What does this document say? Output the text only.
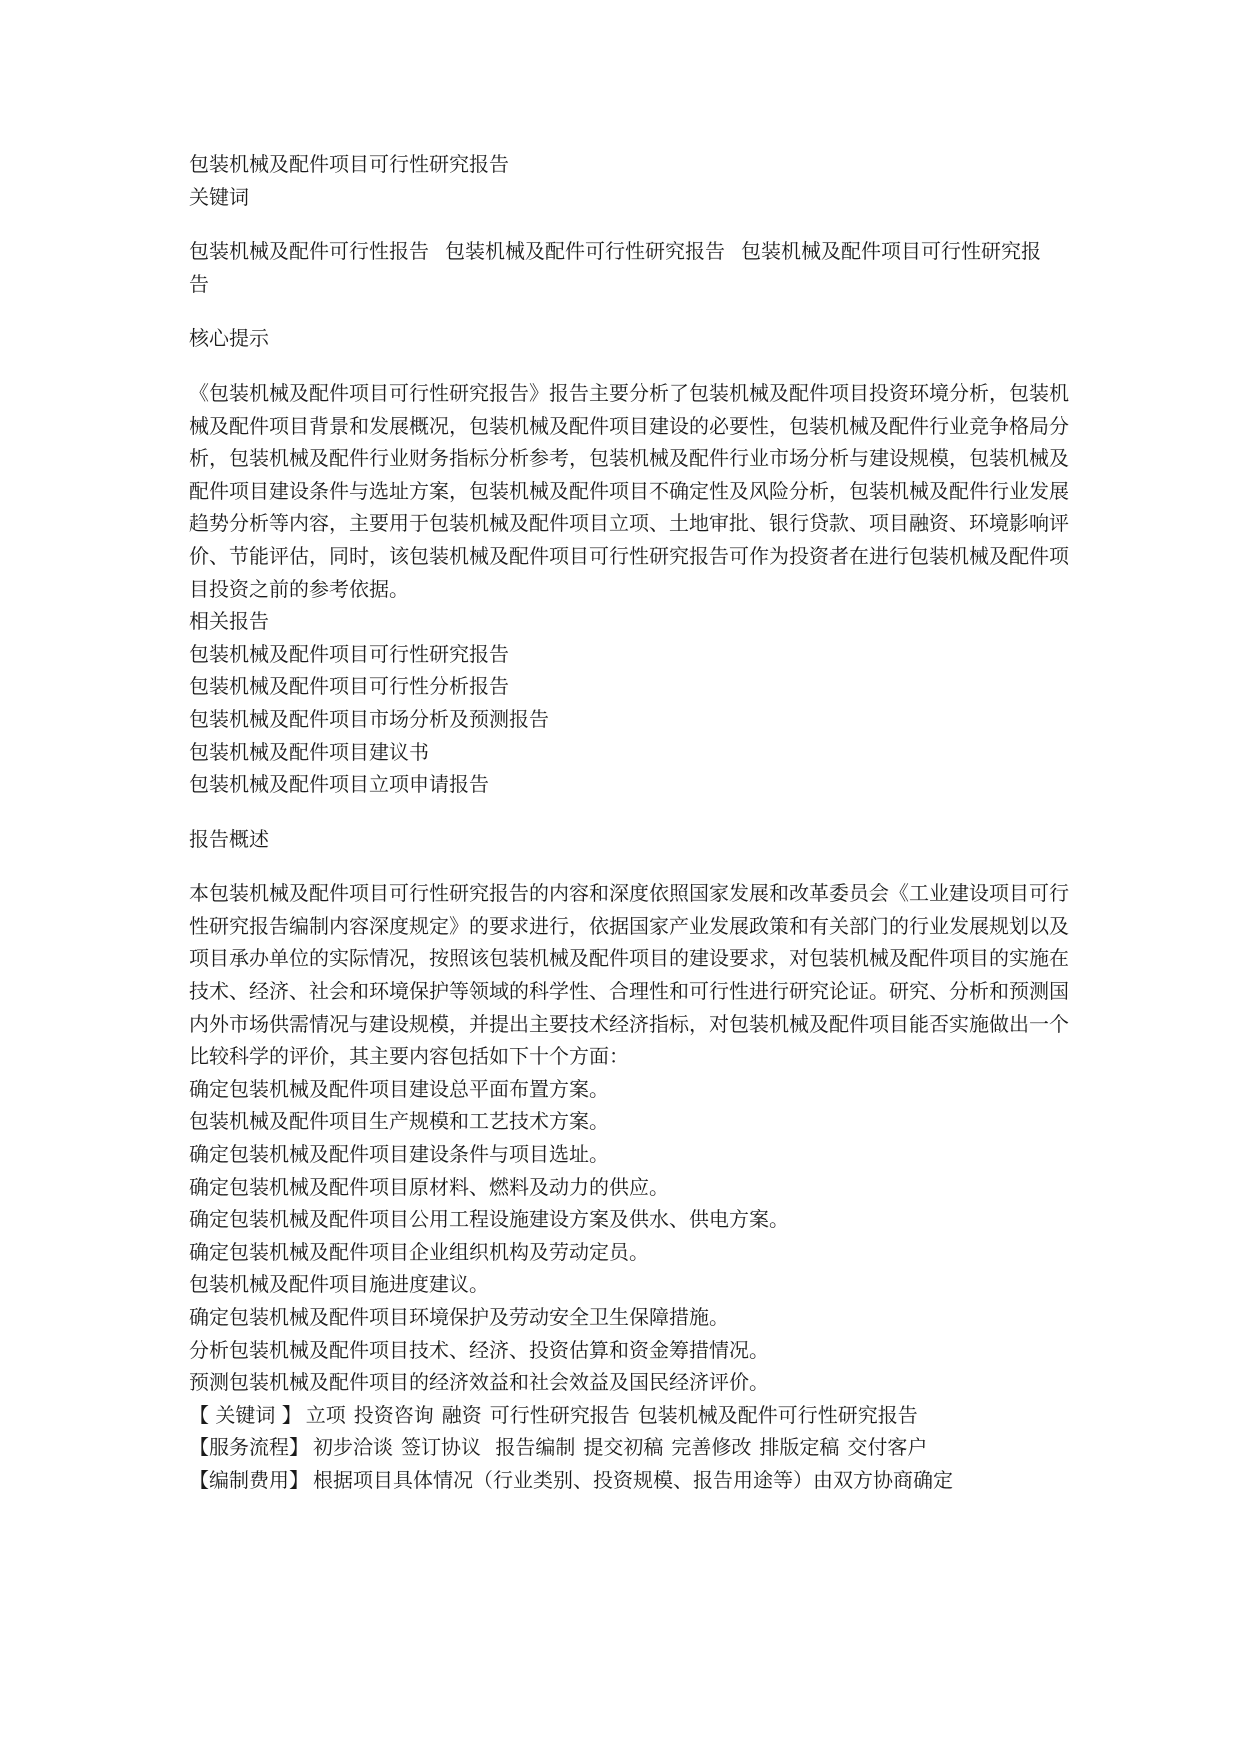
包装机械及配件项目可行性研究报告
关键词
包装机械及配件可行性报告 包装机械及配件可行性研究报告 包装机械及配件项目可行性研究报告
核心提示
《包装机械及配件项目可行性研究报告》报告主要分析了包装机械及配件项目投资环境分析，包装机械及配件项目背景和发展概况，包装机械及配件项目建设的必要性，包装机械及配件行业竞争格局分析，包装机械及配件行业财务指标分析参考，包装机械及配件行业市场分析与建设规模，包装机械及配件项目建设条件与选址方案，包装机械及配件项目不确定性及风险分析，包装机械及配件行业发展趋势分析等内容，主要用于包装机械及配件项目立项、土地审批、银行贷款、项目融资、环境影响评价、节能评估，同时，该包装机械及配件项目可行性研究报告可作为投资者在进行包装机械及配件项目投资之前的参考依据。
相关报告
包装机械及配件项目可行性研究报告
包装机械及配件项目可行性分析报告
包装机械及配件项目市场分析及预测报告
包装机械及配件项目建议书
包装机械及配件项目立项申请报告
报告概述
本包装机械及配件项目可行性研究报告的内容和深度依照国家发展和改革委员会《工业建设项目可行性研究报告编制内容深度规定》的要求进行，依据国家产业发展政策和有关部门的行业发展规划以及项目承办单位的实际情况，按照该包装机械及配件项目的建设要求，对包装机械及配件项目的实施在技术、经济、社会和环境保护等领域的科学性、合理性和可行性进行研究论证。研究、分析和预测国内外市场供需情况与建设规模，并提出主要技术经济指标，对包装机械及配件项目能否实施做出一个比较科学的评价，其主要内容包括如下十个方面：
确定包装机械及配件项目建设总平面布置方案。
包装机械及配件项目生产规模和工艺技术方案。
确定包装机械及配件项目建设条件与项目选址。
确定包装机械及配件项目原材料、燃料及动力的供应。
确定包装机械及配件项目公用工程设施建设方案及供水、供电方案。
确定包装机械及配件项目企业组织机构及劳动定员。
包装机械及配件项目施进度建议。
确定包装机械及配件项目环境保护及劳动安全卫生保障措施。
分析包装机械及配件项目技术、经济、投资估算和资金筹措情况。
预测包装机械及配件项目的经济效益和社会效益及国民经济评价。
【 关键词 】 立项 投资咨询 融资 可行性研究报告 包装机械及配件可行性研究报告
【服务流程】 初步洽谈 签订协议 报告编制 提交初稿 完善修改 排版定稿 交付客户
【编制费用】 根据项目具体情况（行业类别、投资规模、报告用途等）由双方协商确定
